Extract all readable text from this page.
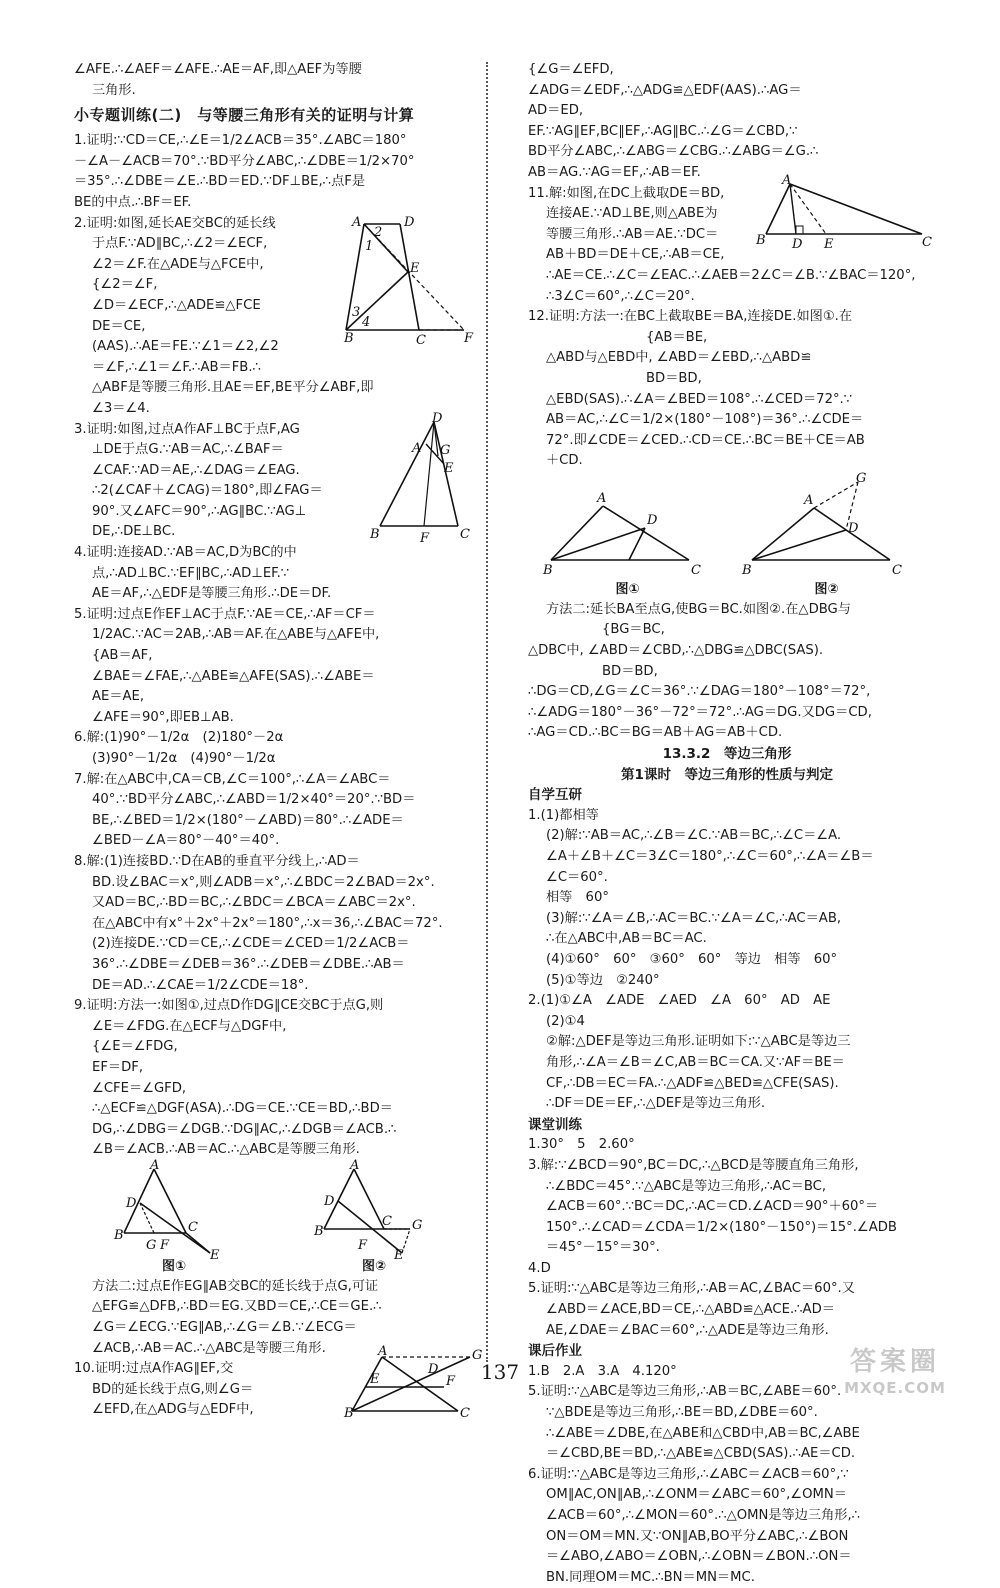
∠AFE.∴∠AEF＝∠AFE.∴AE＝AF,即△AEF为等腰
三角形.
小专题训练(二)　与等腰三角形有关的证明与计算
1.证明:∵CD＝CE,∴∠E＝1/2∠ACB＝35°.∠ABC＝180°
－∠A－∠ACB＝70°.∵BD平分∠ABC,∴∠DBE＝1/2×70°
＝35°.∴∠DBE＝∠E.∴BD＝ED.∵DF⊥BE,∴点F是
BE的中点.∴BF＝EF.
A	D
E
B	C	F
2
1
3
4
2.证明:如图,延长AE交BC的延长线
于点F.∵AD∥BC,∴∠2＝∠ECF,
∠2＝∠F.在△ADE与△FCE中,
{∠2＝∠F,
∠D＝∠ECF,∴△ADE≌△FCE
DE＝CE,
(AAS).∴AE＝FE.∵∠1＝∠2,∠2
＝∠F,∴∠1＝∠F.∴AB＝FB.∴
△ABF是等腰三角形.且AE＝EF,BE平分∠ABF,即
∠3＝∠4.
D
A G
E
B	F C
3.证明:如图,过点A作AF⊥BC于点F,AG
⊥DE于点G.∵AB＝AC,∴∠BAF＝
∠CAF.∵AD＝AE,∴∠DAG＝∠EAG.
∴2(∠CAF＋∠CAG)＝180°,即∠FAG＝
90°.又∠AFC＝90°,∴AG∥BC.∵AG⊥
DE,∴DE⊥BC.
4.证明:连接AD.∵AB＝AC,D为BC的中
点,∴AD⊥BC.∵EF∥BC,∴AD⊥EF.∵
AE＝AF,∴△EDF是等腰三角形.∴DE＝DF.
5.证明:过点E作EF⊥AC于点F.∵AE＝CE,∴AF＝CF＝
1/2AC.∵AC＝2AB,∴AB＝AF.在△ABE与△AFE中,
{AB＝AF,
∠BAE＝∠FAE,∴△ABE≌△AFE(SAS).∴∠ABE＝
AE＝AE,
∠AFE＝90°,即EB⊥AB.
6.解:(1)90°－1/2α　(2)180°－2α
(3)90°－1/2α　(4)90°－1/2α
7.解:在△ABC中,CA＝CB,∠C＝100°,∴∠A＝∠ABC＝
40°.∵BD平分∠ABC,∴∠ABD＝1/2×40°＝20°.∵BD＝
BE,∴∠BED＝1/2×(180°－∠ABD)＝80°.∴∠ADE＝
∠BED－∠A＝80°－40°＝40°.
8.解:(1)连接BD.∵D在AB的垂直平分线上,∴AD＝
BD.设∠BAC＝x°,则∠ADB＝x°,∴∠BDC＝2∠BAD＝2x°.
又AD＝BC,∴BD＝BC,∴∠BDC＝∠BCA＝∠ABC＝2x°.
在△ABC中有x°＋2x°＋2x°＝180°,∴x＝36,∴∠BAC＝72°.
(2)连接DE.∵CD＝CE,∴∠CDE＝∠CED＝1/2∠ACB＝
36°.∴∠DBE＝∠DEB＝36°.∴∠DEB＝∠DBE.∴AB＝
DE＝AD.∴∠CAE＝1/2∠CDE＝18°.
9.证明:方法一:如图①,过点D作DG∥CE交BC于点G,则
∠E＝∠FDG.在△ECF与△DGF中,
{∠E＝∠FDG,
EF＝DF,
∠CFE＝∠GFD,
∴△ECF≌△DGF(ASA).∴DG＝CE.∵CE＝BD,∴BD＝
DG,∴∠DBG＝∠DGB.∵DG∥AC,∴∠DGB＝∠ACB.∴
∠B＝∠ACB.∴AB＝AC.∴△ABC是等腰三角形.
A
D
B
G F
C
E
图①
A
D
B
F
C G
E
图②
方法二:过点E作EG∥AB交BC的延长线于点G,可证
△EFG≌△DFB,∴BD＝EG.又BD＝CE,∴CE＝GE.∴
∠G＝∠ECG.∵EG∥AB,∴∠G＝∠B.∵∠ECG＝
∠ACB,∴AB＝AC.∴△ABC是等腰三角形.	A	G
D
E	F
B	C
10.证明:过点A作AG∥EF,交
BD的延长线于点G,则∠G＝
∠EFD,在△ADG与△EDF中,
{∠G＝∠EFD,
∠ADG＝∠EDF,∴△ADG≌△EDF(AAS).∴AG＝
AD＝ED,
EF.∵AG∥EF,BC∥EF,∴AG∥BC.∴∠G＝∠CBD,∵
BD平分∠ABC,∴∠ABG＝∠CBG.∴∠ABG＝∠G.∴
AB＝AG.∵AG＝EF,∴AB＝EF.
A
B D E	C
11.解:如图,在DC上截取DE＝BD,
连接AE.∵AD⊥BE,则△ABE为
等腰三角形.∴AB＝AE.∵DC＝
AB＋BD＝DE＋CE,∴AB＝CE,
∴AE＝CE.∴∠C＝∠EAC.∴∠AEB＝2∠C＝∠B.∵∠BAC＝120°,
∴3∠C＝60°,∴∠C＝20°.
12.证明:方法一:在BC上截取BE＝BA,连接DE.如图①.在
{AB＝BE,
△ABD与△EBD中, ∠ABD＝∠EBD,∴△ABD≌
BD＝BD,
△EBD(SAS).∴∠A＝∠BED＝108°.∴∠CED＝72°.∵
AB＝AC,∴∠C＝1/2×(180°－108°)＝36°.∴∠CDE＝
72°.即∠CDE＝∠CED.∴CD＝CE.∴BC＝BE＋CE＝AB
＋CD.
A
D
B	C
图①
A
G
D
B	C
图②
方法二:延长BA至点G,使BG＝BC.如图②.在△DBG与
{BG＝BC,
△DBC中, ∠ABD＝∠CBD,∴△DBG≌△DBC(SAS).
BD＝BD,
∴DG＝CD,∠G＝∠C＝36°.∵∠DAG＝180°－108°＝72°,
∴∠ADG＝180°－36°－72°＝72°.∴AG＝DG.又DG＝CD,
∴AG＝CD.∴BC＝BG＝AB＋AG＝AB＋CD.
13.3.2　等边三角形
第1课时　等边三角形的性质与判定
自学互研
1.(1)都相等
(2)解:∵AB＝AC,∴∠B＝∠C.∵AB＝BC,∴∠C＝∠A.
∠A＋∠B＋∠C＝3∠C＝180°,∴∠C＝60°,∴∠A＝∠B＝
∠C＝60°.
相等　60°
(3)解:∵∠A＝∠B,∴AC＝BC.∵∠A＝∠C,∴AC＝AB,
∴在△ABC中,AB＝BC＝AC.
(4)①60°　60°　③60°　60°　等边　相等　60°
(5)①等边　②240°
2.(1)①∠A　∠ADE　∠AED　∠A　60°　AD　AE
(2)①4
②解:△DEF是等边三角形.证明如下:∵△ABC是等边三
角形,∴∠A＝∠B＝∠C,AB＝BC＝CA.又∵AF＝BE＝
CF,∴DB＝EC＝FA.∴△ADF≌△BED≌△CFE(SAS).
∴DF＝DE＝EF,∴△DEF是等边三角形.
课堂训练
1.30°　5　2.60°
3.解:∵∠BCD＝90°,BC＝DC,∴△BCD是等腰直角三角形,
∴∠BDC＝45°.∵△ABC是等边三角形,∴AC＝BC,
∠ACB＝60°.∵BC＝DC,∴AC＝CD.∠ACD＝90°＋60°＝
150°.∴∠CAD＝∠CDA＝1/2×(180°－150°)＝15°.∠ADB
＝45°－15°＝30°.
4.D
5.证明:∵△ABC是等边三角形,∴AB＝AC,∠BAC＝60°.又
∠ABD＝∠ACE,BD＝CE,∴△ABD≌△ACE.∴AD＝
AE,∠DAE＝∠BAC＝60°,∴△ADE是等边三角形.
课后作业
1.B　2.A　3.A　4.120°
5.证明:∵△ABC是等边三角形,∴AB＝BC,∠ABE＝60°.
∵△BDE是等边三角形,∴BE＝BD,∠DBE＝60°.
∴∠ABE＝∠DBE,在△ABE和△CBD中,AB＝BC,∠ABE
＝∠CBD,BE＝BD,∴△ABE≌△CBD(SAS).∴AE＝CD.
6.证明:∵△ABC是等边三角形,∴∠ABC＝∠ACB＝60°,∵
OM∥AC,ON∥AB,∴∠ONM＝∠ABC＝60°,∠OMN＝
∠ACB＝60°,∴∠MON＝60°.∴△OMN是等边三角形,∴
ON＝OM＝MN.又∵ON∥AB,BO平分∠ABC,∴∠BON
＝∠ABO,∠ABO＝∠OBN,∴∠OBN＝∠BON.∴ON＝
BN.同理OM＝MC.∴BN＝MN＝MC.
137	答案圈
MXQE.COM
